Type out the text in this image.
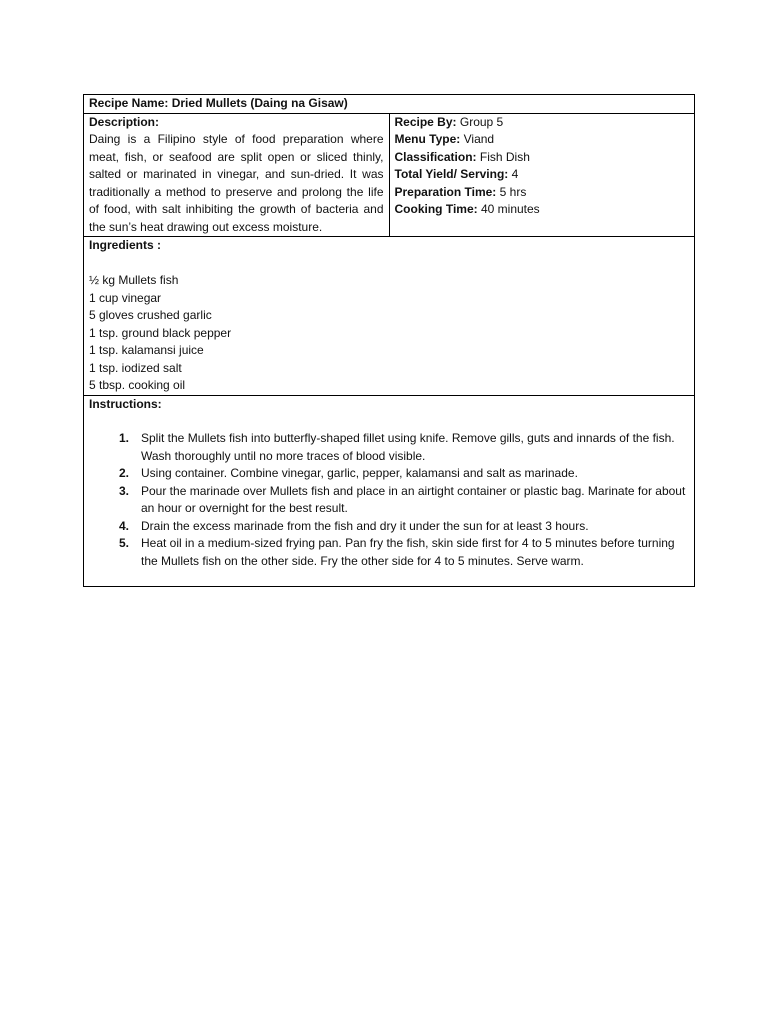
Recipe Name: Dried Mullets (Daing na Gisaw)

Description:
Daing is a Filipino style of food preparation where meat, fish, or seafood are split open or sliced thinly, salted or marinated in vinegar, and sun-dried. It was traditionally a method to preserve and prolong the life of food, with salt inhibiting the growth of bacteria and the sun’s heat drawing out excess moisture.

Recipe By: Group 5
Menu Type: Viand
Classification: Fish Dish
Total Yield/ Serving: 4
Preparation Time: 5 hrs
Cooking Time: 40 minutes

Ingredients :
½ kg Mullets fish
1 cup vinegar
5 gloves crushed garlic
1 tsp. ground black pepper
1 tsp. kalamansi juice
1 tsp. iodized salt
5 tbsp. cooking oil

Instructions:
1. Split the Mullets fish into butterfly-shaped fillet using knife. Remove gills, guts and innards of the fish. Wash thoroughly until no more traces of blood visible.
2. Using container. Combine vinegar, garlic, pepper, kalamansi and salt as marinade.
3. Pour the marinade over Mullets fish and place in an airtight container or plastic bag. Marinate for about an hour or overnight for the best result.
4. Drain the excess marinade from the fish and dry it under the sun for at least 3 hours.
5. Heat oil in a medium-sized frying pan. Pan fry the fish, skin side first for 4 to 5 minutes before turning the Mullets fish on the other side. Fry the other side for 4 to 5 minutes. Serve warm.
